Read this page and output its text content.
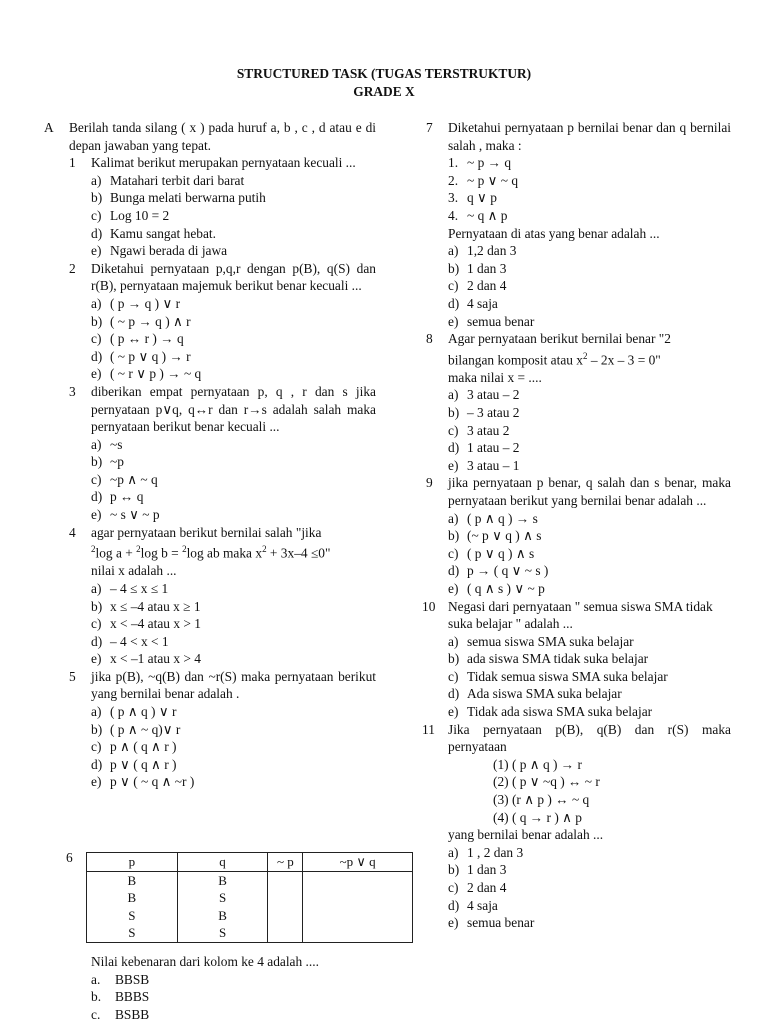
STRUCTURED TASK (TUGAS TERSTRUKTUR)
GRADE X
A Berilah tanda silang ( x ) pada huruf a, b , c , d atau e di depan jawaban yang tepat.
1 Kalimat berikut merupakan pernyataan kecuali ...
a) Matahari terbit dari barat
b) Bunga melati berwarna putih
c) Log 10 = 2
d) Kamu sangat hebat.
e) Ngawi berada di jawa
2 Diketahui pernyataan p,q,r dengan p(B), q(S) dan r(B), pernyataan majemuk berikut benar kecuali ...
a) ( p → q ) ∨ r
b) ( ~ p → q ) ∧ r
c) ( p ↔ r ) → q
d) ( ~ p ∨ q ) → r
e) ( ~ r ∨ p ) → ~ q
3 diberikan empat pernyataan p, q , r dan s jika pernyataan p∨q, q↔r dan r→s adalah salah maka pernyataan berikut benar kecuali ...
a) ~s
b) ~p
c) ~p ∧ ~ q
d) p ↔ q
e) ~ s ∨ ~ p
4 agar pernyataan berikut bernilai salah "jika
$^2$log a + $^2$log b = $^2$log ab maka $x^2 + 3x-4 \le 0$"
nilai x adalah ...
a) – 4 ≤ x ≤ 1
b) x ≤ –4 atau x ≥ 1
c) x < –4 atau x > 1
d) – 4 < x < 1
e) x < –1 atau x > 4
5 jika p(B), ~q(B) dan ~r(S) maka pernyataan berikut yang bernilai benar adalah .
a) ( p ∧ q ) ∨ r
b) ( p ∧ ~ q)∨ r
c) p ∧ ( q ∧ r )
d) p ∨ ( q ∧ r )
e) p ∨ ( ~ q ∧ ~r )
6	p	q	~ p	~p ∨ q
B	B		
B	S		
S	B		
S	S		
Nilai kebenaran dari kolom ke 4 adalah ....
a. BBSB
b. BBBS
c. BSBB
7 Diketahui pernyataan p bernilai benar dan q bernilai salah , maka :
1. ~ p → q
2. ~ p ∨ ~ q
3. q ∨ p
4. ~ q ∧ p
Pernyataan di atas yang benar adalah ...
a) 1,2 dan 3
b) 1 dan 3
c) 2 dan 4
d) 4 saja
e) semua benar
8 Agar pernyataan berikut bernilai benar "2
bilangan komposit atau $x^2 - 2x - 3 = 0$"
maka nilai x = ....
a) 3 atau – 2
b) – 3 atau 2
c) 3 atau 2
d) 1 atau – 2
e) 3 atau – 1
9 jika pernyataan p benar, q salah dan s benar, maka pernyataan berikut yang bernilai benar adalah ...
a) ( p ∧ q ) → s
b) (~ p ∨ q ) ∧ s
c) ( p ∨ q ) ∧ s
d) p → ( q ∨ ~ s )
e) ( q ∧ s ) ∨ ~ p
10 Negasi dari pernyataan " semua siswa SMA tidak suka belajar " adalah ...
a) semua siswa SMA suka belajar
b) ada siswa SMA tidak suka belajar
c) Tidak semua siswa SMA suka belajar
d) Ada siswa SMA suka belajar
e) Tidak ada siswa SMA suka belajar
11 Jika pernyataan p(B), q(B) dan r(S) maka pernyataan
(1) ( p ∧ q ) → r
(2) ( p ∨ ~q ) ↔ ~ r
(3) (r ∧ p ) ↔ ~ q
(4) ( q → r ) ∧ p
yang bernilai benar adalah ...
a) 1 , 2 dan 3
b) 1 dan 3
c) 2 dan 4
d) 4 saja
e) semua benar
